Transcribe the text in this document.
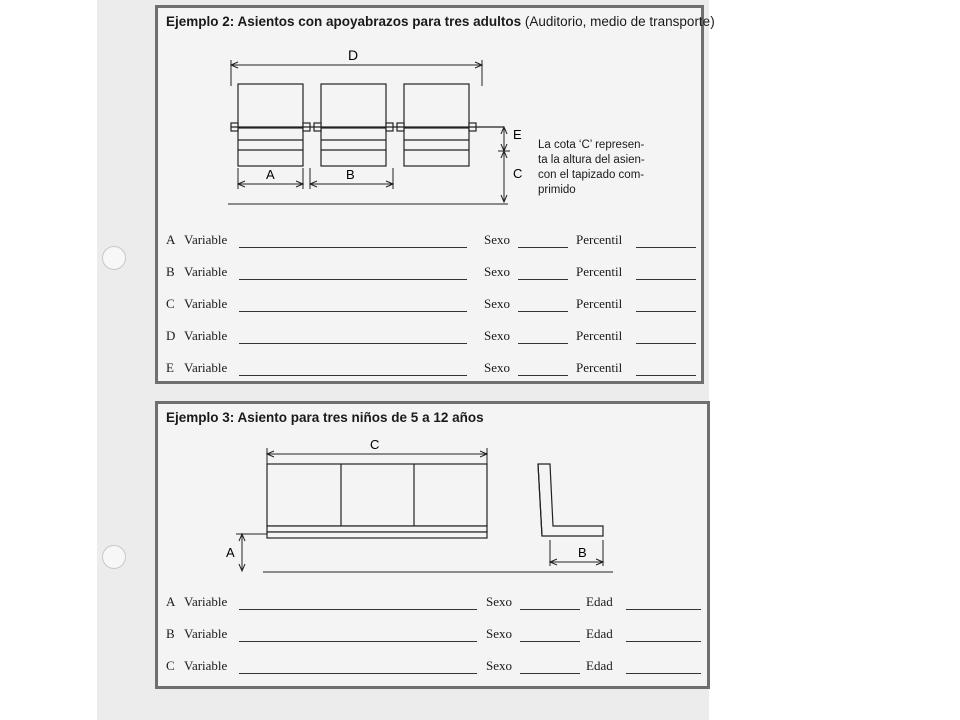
Ejemplo 2: Asientos con apoyabrazos para tres adultos (Auditorio, medio de transporte)
D
A	B
E
C
La cota ‘C’ represen-
ta la altura del asien-
con el tapizado com-
primido
A Variable	Sexo	Percentil
B Variable	Sexo	Percentil
C Variable	Sexo	Percentil
D Variable	Sexo	Percentil
E Variable	Sexo	Percentil
Ejemplo 3: Asiento para tres niños de 5 a 12 años
C
A	B
A Variable	Sexo	Edad
B Variable	Sexo	Edad
C Variable	Sexo	Edad
